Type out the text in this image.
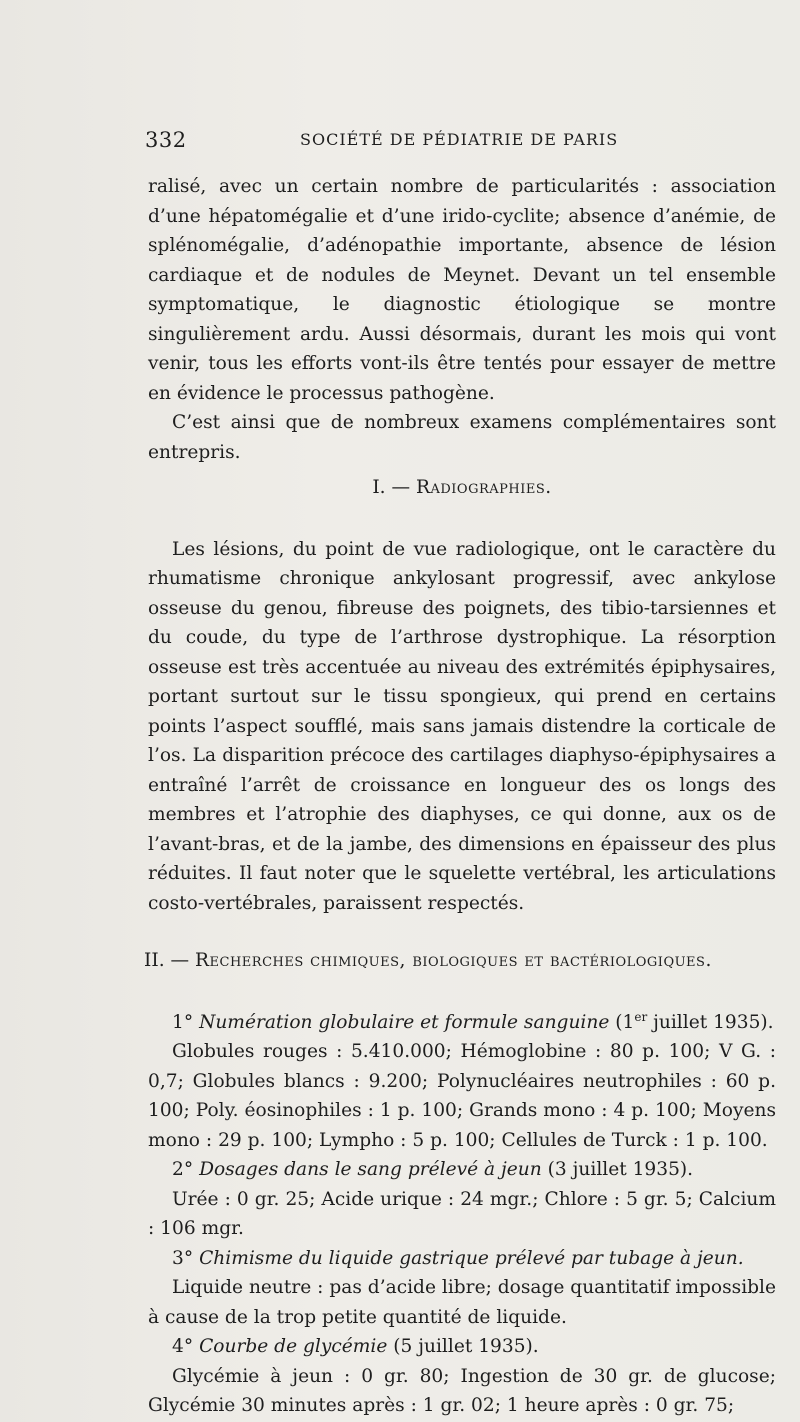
332	SOCIÉTÉ DE PÉDIATRIE DE PARIS

ralisé, avec un certain nombre de particularités : association d’une hépatomégalie et d’une irido-cyclite; absence d’anémie, de splénomégalie, d’adénopathie importante, absence de lésion cardiaque et de nodules de Meynet. Devant un tel ensemble symptomatique, le diagnostic étiologique se montre singulièrement ardu. Aussi désormais, durant les mois qui vont venir, tous les efforts vont-ils être tentés pour essayer de mettre en évidence le processus pathogène.

C’est ainsi que de nombreux examens complémentaires sont entrepris.

I. — Radiographies.

Les lésions, du point de vue radiologique, ont le caractère du rhumatisme chronique ankylosant progressif, avec ankylose osseuse du genou, fibreuse des poignets, des tibio-tarsiennes et du coude, du type de l’arthrose dystrophique. La résorption osseuse est très accentuée au niveau des extrémités épiphysaires, portant surtout sur le tissu spongieux, qui prend en certains points l’aspect soufflé, mais sans jamais distendre la corticale de l’os. La disparition précoce des cartilages diaphyso-épiphysaires a entraîné l’arrêt de croissance en longueur des os longs des membres et l’atrophie des diaphyses, ce qui donne, aux os de l’avant-bras, et de la jambe, des dimensions en épaisseur des plus réduites. Il faut noter que le squelette vertébral, les articulations costo-vertébrales, paraissent respectés.

II. — Recherches chimiques, biologiques et bactériologiques.

1° Numération globulaire et formule sanguine (1er juillet 1935).

Globules rouges : 5.410.000; Hémoglobine : 80 p. 100; V G. : 0,7; Globules blancs : 9.200; Polynucléaires neutrophiles : 60 p. 100; Poly. éosinophiles : 1 p. 100; Grands mono : 4 p. 100; Moyens mono : 29 p. 100; Lympho : 5 p. 100; Cellules de Turck : 1 p. 100.

2° Dosages dans le sang prélevé à jeun (3 juillet 1935).

Urée : 0 gr. 25; Acide urique : 24 mgr.; Chlore : 5 gr. 5; Calcium : 106 mgr.

3° Chimisme du liquide gastrique prélevé par tubage à jeun.

Liquide neutre : pas d’acide libre; dosage quantitatif impossible à cause de la trop petite quantité de liquide.

4° Courbe de glycémie (5 juillet 1935).

Glycémie à jeun : 0 gr. 80; Ingestion de 30 gr. de glucose; Glycémie 30 minutes après : 1 gr. 02; 1 heure après : 0 gr. 75;
